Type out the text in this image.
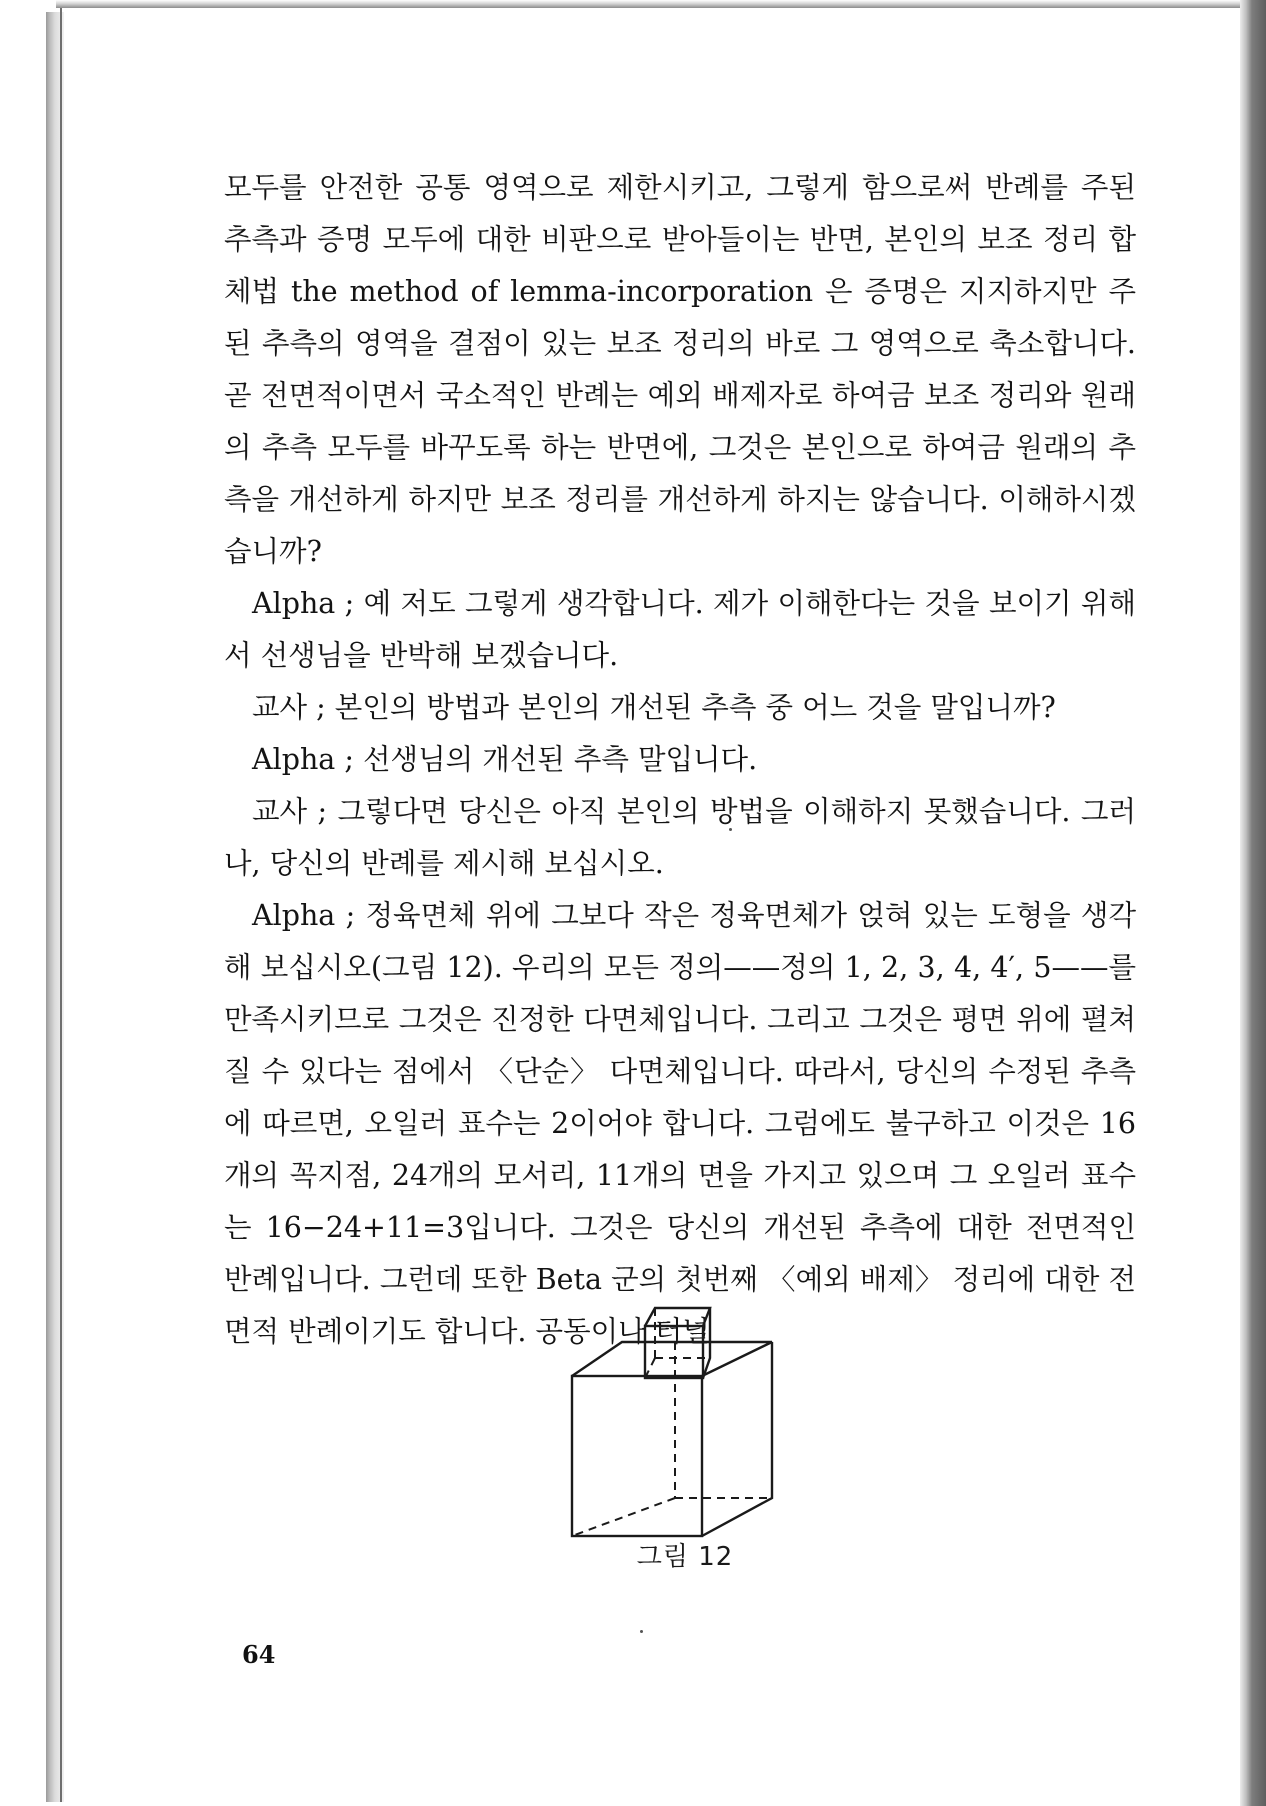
모두를 안전한 공통 영역으로 제한시키고, 그렇게 함으로써 반례를 주된 추측과 증명 모두에 대한 비판으로 받아들이는 반면, 본인의 보조 정리 합체법 the method of lemma-incorporation 은 증명은 지지하지만 주된 추측의 영역을 결점이 있는 보조 정리의 바로 그 영역으로 축소합니다. 곧 전면적이면서 국소적인 반례는 예외 배제자로 하여금 보조 정리와 원래의 추측 모두를 바꾸도록 하는 반면에, 그것은 본인으로 하여금 원래의 추측을 개선하게 하지만 보조 정리를 개선하게 하지는 않습니다. 이해하시겠습니까?

Alpha ; 예 저도 그렇게 생각합니다. 제가 이해한다는 것을 보이기 위해서 선생님을 반박해 보겠습니다.

교사 ; 본인의 방법과 본인의 개선된 추측 중 어느 것을 말입니까?

Alpha ; 선생님의 개선된 추측 말입니다.

교사 ; 그렇다면 당신은 아직 본인의 방법을 이해하지 못했습니다. 그러나, 당신의 반례를 제시해 보십시오.

Alpha ; 정육면체 위에 그보다 작은 정육면체가 얹혀 있는 도형을 생각해 보십시오(그림 12). 우리의 모든 정의——정의 1, 2, 3, 4, 4′, 5——를 만족시키므로 그것은 진정한 다면체입니다. 그리고 그것은 평면 위에 펼쳐질 수 있다는 점에서 〈단순〉 다면체입니다. 따라서, 당신의 수정된 추측에 따르면, 오일러 표수는 2이어야 합니다. 그럼에도 불구하고 이것은 16개의 꼭지점, 24개의 모서리, 11개의 면을 가지고 있으며 그 오일러 표수는 16−24+11=3입니다. 그것은 당신의 개선된 추측에 대한 전면적인 반례입니다. 그런데 또한 Beta 군의 첫번째 〈예외 배제〉 정리에 대한 전면적 반례이기도 합니다. 공동이나 터널

그림 12
64
